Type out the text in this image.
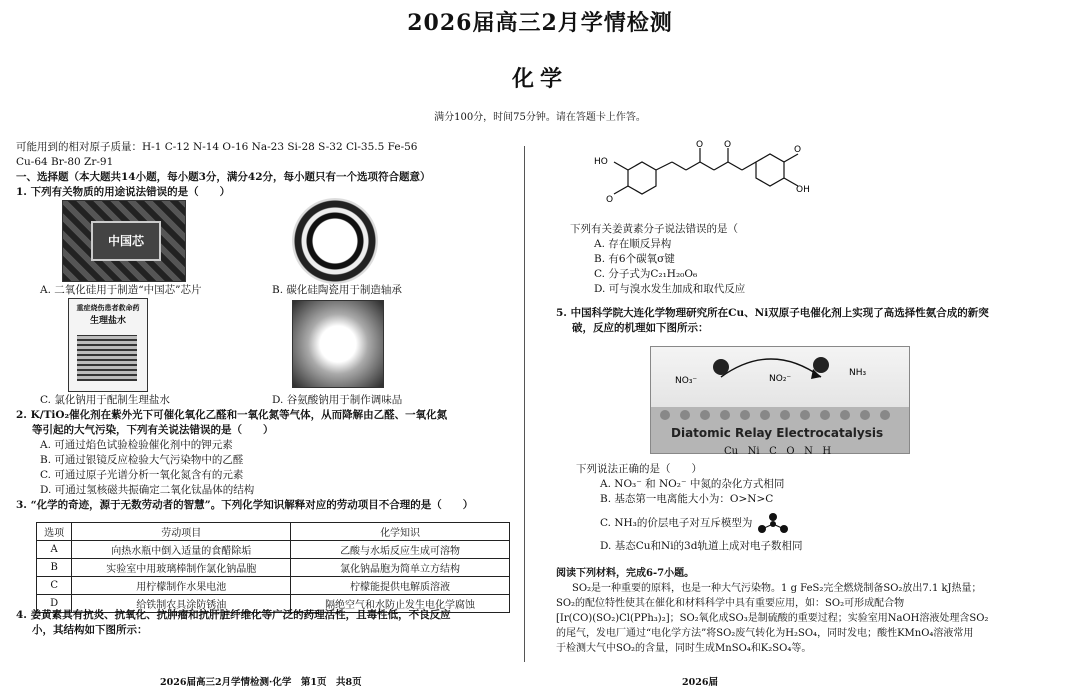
2026届高三2月学情检测
化学
满分100分，时间75分钟。请在答题卡上作答。

可能用到的相对原子质量：H-1 C-12 N-14 O-16 Na-23 Si-28 S-32 Cl-35.5 Fe-56

Cu-64 Br-80 Zr-91

一、选择题（本大题共14小题，每小题3分，满分42分，每小题只有一个选项符合题意）

1. 下列有关物质的用途说法错误的是（　　）

中国芯
A. 二氧化硅用于制造“中国芯”芯片	B. 碳化硅陶瓷用于制造轴承
重症烧伤患者救命药
生理盐水
C. 氯化钠用于配制生理盐水	D. 谷氨酸钠用于制作调味品

2. K/TiO₂催化剂在紫外光下可催化氧化乙醛和一氧化氮等气体，从而降解由乙醛、一氧化氮

等引起的大气污染，下列有关说法错误的是（　　）

A. 可通过焰色试验检验催化剂中的钾元素

B. 可通过银镜反应检验大气污染物中的乙醛

C. 可通过原子光谱分析一氧化氮含有的元素

D. 可通过氢核磁共振确定二氧化钛晶体的结构

3. “化学的奇迹，源于无数劳动者的智慧”。下列化学知识解释对应的劳动项目不合理的是（　　）

选项	劳动项目	化学知识
A	向热水瓶中倒入适量的食醋除垢	乙酸与水垢反应生成可溶物
B	实验室中用玻璃棒制作氯化钠晶胞	氯化钠晶胞为简单立方结构
C	用柠檬制作水果电池	柠檬能提供电解质溶液
D	给铁制农具涂防锈油	隔绝空气和水防止发生电化学腐蚀

4. 姜黄素具有抗炎、抗氧化、抗肿瘤和抗肝脏纤维化等广泛的药理活性，且毒性低，不良反应

小，其结构如下图所示：

2026届高三2月学情检测·化学　第1页　共8页
HO
O
O O	O
OH

下列有关姜黄素分子说法错误的是（

A. 存在顺反异构

B. 有6个碳氧σ键

C. 分子式为C₂₁H₂₀O₆

D. 可与溴水发生加成和取代反应

5. 中国科学院大连化学物理研究所在Cu、Ni双原子电催化剂上实现了高选择性氨合成的新突

破，反应的机理如下图所示：

NO₃⁻	NO₂⁻
NH₃
Diatomic Relay Electrocatalysis
Cu Ni C O N H

下列说法正确的是（　　）

A. NO₃⁻ 和 NO₂⁻ 中氮的杂化方式相同

B. 基态第一电离能大小为：O>N>C

C. NH₃的价层电子对互斥模型为

D. 基态Cu和Ni的3d轨道上成对电子数相同

阅读下列材料，完成6-7小题。

SO₂是一种重要的原料，也是一种大气污染物。1 g FeS₂完全燃烧制备SO₂放出7.1 kJ热量；

SO₂的配位特性使其在催化和材料科学中具有重要应用，如：SO₂可形成配合物

[Ir(CO)(SO₂)Cl(PPh₃)₂]；SO₂氧化成SO₃是制硫酸的重要过程；实验室用NaOH溶液处理含SO₂

的尾气，发电厂通过“电化学方法”将SO₂废气转化为H₂SO₄，同时发电；酸性KMnO₄溶液常用

于检测大气中SO₂的含量，同时生成MnSO₄和K₂SO₄等。

2026届
